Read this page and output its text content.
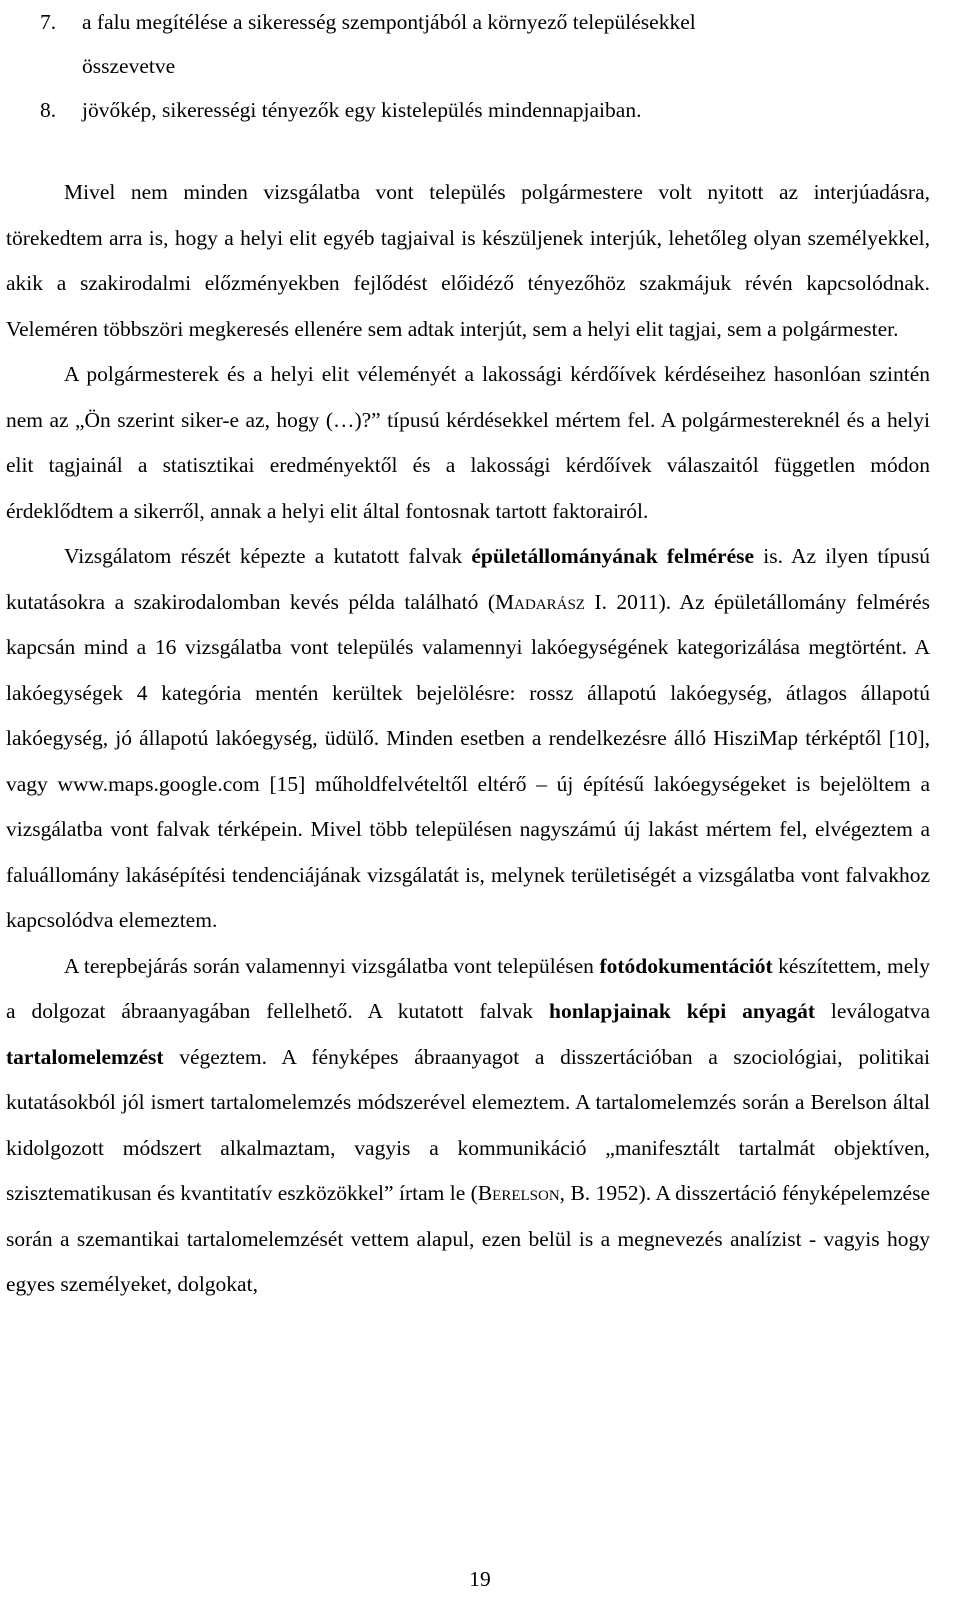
7. a falu megítélése a sikeresség szempontjából a környező településekkel
összevetve
8. jövőkép, sikerességi tényezők egy kistelepülés mindennapjaiban.

Mivel nem minden vizsgálatba vont település polgármestere volt nyitott az interjúadásra, törekedtem arra is, hogy a helyi elit egyéb tagjaival is készüljenek interjúk, lehetőleg olyan személyekkel, akik a szakirodalmi előzményekben fejlődést előidéző tényezőhöz szakmájuk révén kapcsolódnak. Veleméren többszöri megkeresés ellenére sem adtak interjút, sem a helyi elit tagjai, sem a polgármester.

A polgármesterek és a helyi elit véleményét a lakossági kérdőívek kérdéseihez hasonlóan szintén nem az „Ön szerint siker-e az, hogy (…)?” típusú kérdésekkel mértem fel. A polgármestereknél és a helyi elit tagjainál a statisztikai eredményektől és a lakossági kérdőívek válaszaitól független módon érdeklődtem a sikerről, annak a helyi elit által fontosnak tartott faktorairól.

Vizsgálatom részét képezte a kutatott falvak épületállományának felmérése is. Az ilyen típusú kutatásokra a szakirodalomban kevés példa található (Madarász I. 2011). Az épületállomány felmérés kapcsán mind a 16 vizsgálatba vont település valamennyi lakóegységének kategorizálása megtörtént. A lakóegységek 4 kategória mentén kerültek bejelölésre: rossz állapotú lakóegység, átlagos állapotú lakóegység, jó állapotú lakóegység, üdülő. Minden esetben a rendelkezésre álló HisziMap térképtől [10], vagy www.maps.google.com [15] műholdfelvételtől eltérő – új építésű lakóegységeket is bejelöltem a vizsgálatba vont falvak térképein. Mivel több településen nagyszámú új lakást mértem fel, elvégeztem a faluállomány lakásépítési tendenciájának vizsgálatát is, melynek területiségét a vizsgálatba vont falvakhoz kapcsolódva elemeztem.

A terepbejárás során valamennyi vizsgálatba vont településen fotódokumentációt készítettem, mely a dolgozat ábraanyagában fellelhető. A kutatott falvak honlapjainak képi anyagát leválogatva tartalomelemzést végeztem. A fényképes ábraanyagot a disszertációban a szociológiai, politikai kutatásokból jól ismert tartalomelemzés módszerével elemeztem. A tartalomelemzés során a Berelson által kidolgozott módszert alkalmaztam, vagyis a kommunikáció „manifesztált tartalmát objektíven, szisztematikusan és kvantitatív eszközökkel” írtam le (Berelson, B. 1952). A disszertáció fényképelemzése során a szemantikai tartalomelemzését vettem alapul, ezen belül is a megnevezés analízist - vagyis hogy egyes személyeket, dolgokat,

19
